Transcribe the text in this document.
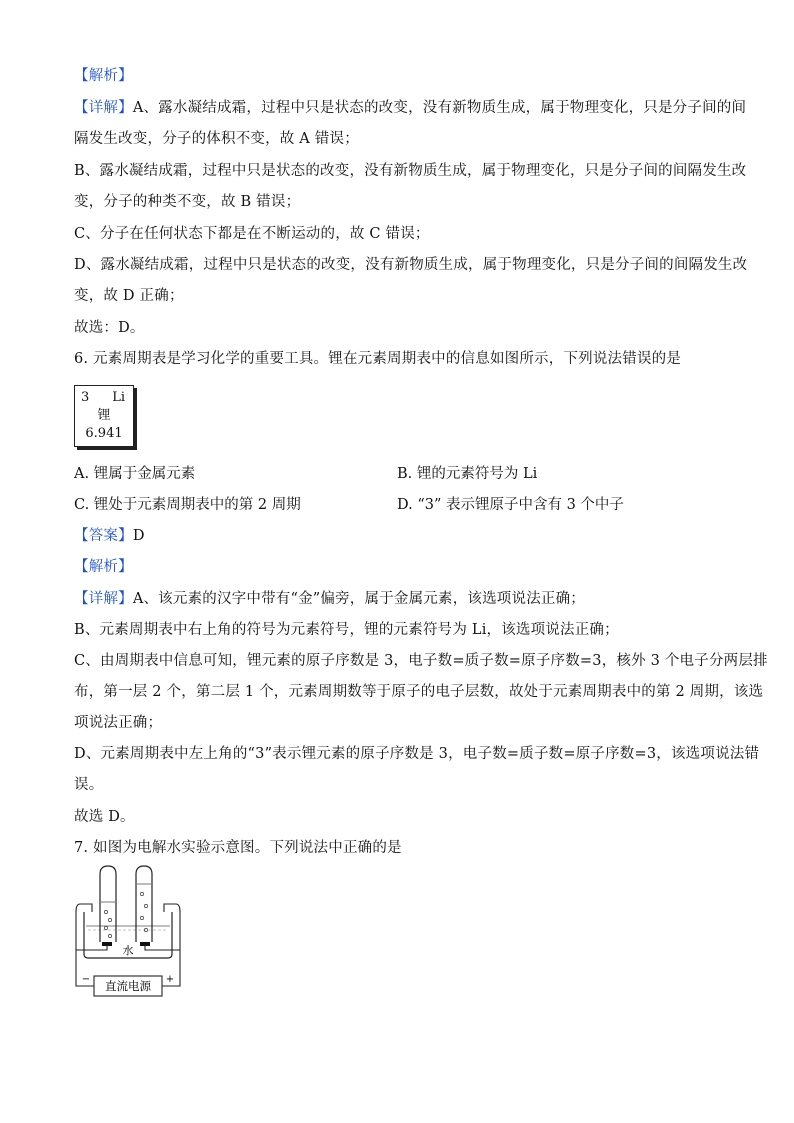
【解析】
【详解】A、露水凝结成霜，过程中只是状态的改变，没有新物质生成，属于物理变化，只是分子间的间
隔发生改变，分子的体积不变，故 A 错误；
B、露水凝结成霜，过程中只是状态的改变，没有新物质生成，属于物理变化，只是分子间的间隔发生改
变，分子的种类不变，故 B 错误；
C、分子在任何状态下都是在不断运动的，故 C 错误；
D、露水凝结成霜，过程中只是状态的改变，没有新物质生成，属于物理变化，只是分子间的间隔发生改
变，故 D 正确；
故选：D。
6. 元素周期表是学习化学的重要工具。锂在元素周期表中的信息如图所示，下列说法错误的是
3 Li
锂
6.941
A. 锂属于金属元素	B. 锂的元素符号为 Li
C. 锂处于元素周期表中的第 2 周期	D. “3” 表示锂原子中含有 3 个中子
【答案】D
【解析】
【详解】A、该元素的汉字中带有“金”偏旁，属于金属元素，该选项说法正确；
B、元素周期表中右上角的符号为元素符号，锂的元素符号为 Li，该选项说法正确；
C、由周期表中信息可知，锂元素的原子序数是 3，电子数=质子数=原子序数=3，核外 3 个电子分两层排
布，第一层 2 个，第二层 1 个，元素周期数等于原子的电子层数，故处于元素周期表中的第 2 周期，该选
项说法正确；
D、元素周期表中左上角的“3”表示锂元素的原子序数是 3，电子数=质子数=原子序数=3，该选项说法错
误。
故选 D。
7. 如图为电解水实验示意图。下列说法中正确的是
水
直流电源
−	+
